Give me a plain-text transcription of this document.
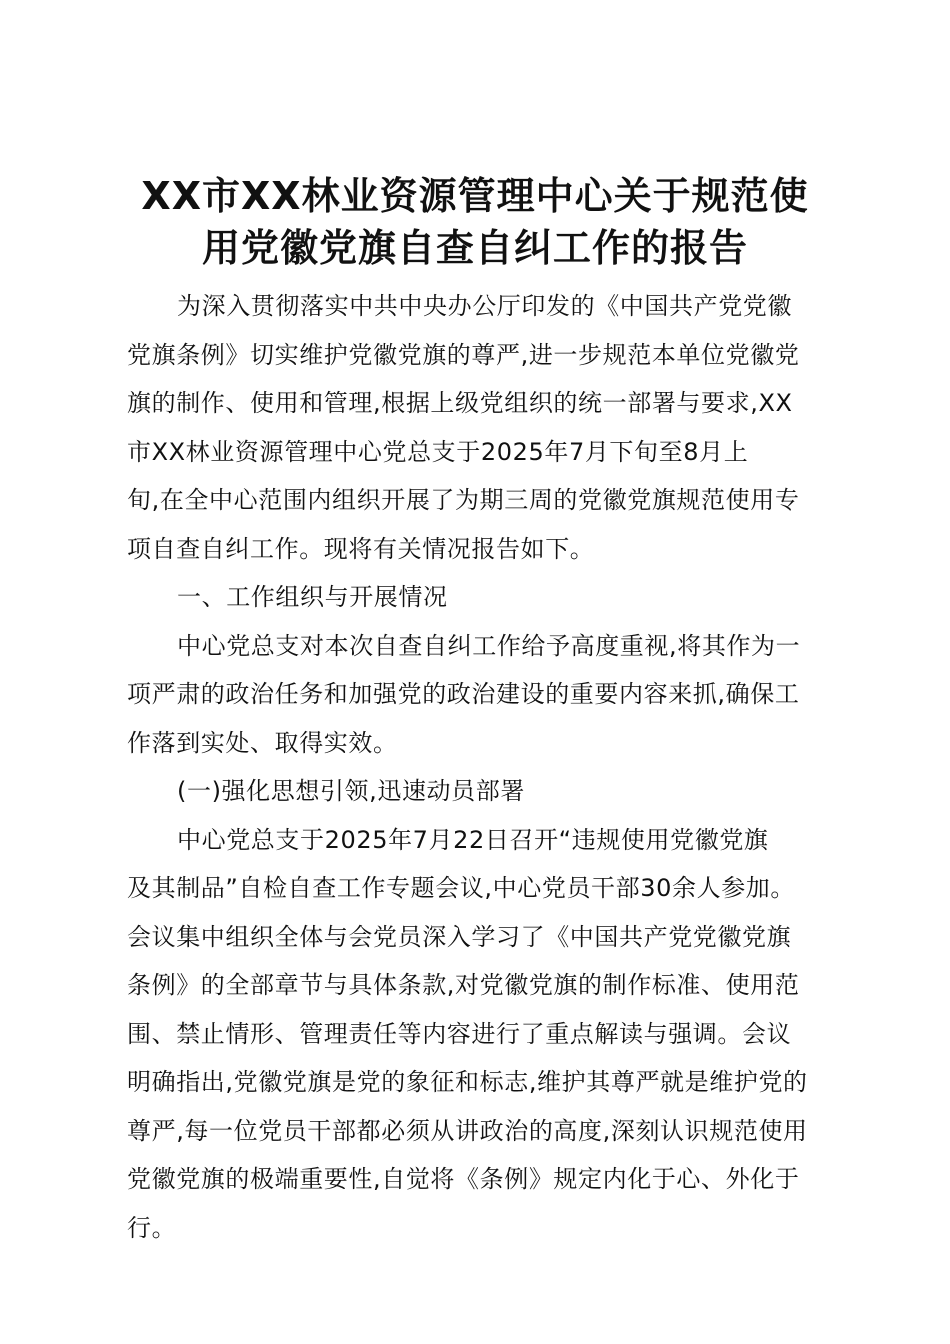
XX市XX林业资源管理中心关于规范使
用党徽党旗自查自纠工作的报告
为深入贯彻落实中共中央办公厅印发的《中国共产党党徽
党旗条例》切实维护党徽党旗的尊严,进一步规范本单位党徽党
旗的制作、使用和管理,根据上级党组织的统一部署与要求,XX
市XX林业资源管理中心党总支于2025年7月下旬至8月上
旬,在全中心范围内组织开展了为期三周的党徽党旗规范使用专
项自查自纠工作。现将有关情况报告如下。
一、工作组织与开展情况
中心党总支对本次自查自纠工作给予高度重视,将其作为一
项严肃的政治任务和加强党的政治建设的重要内容来抓,确保工
作落到实处、取得实效。
(一)强化思想引领,迅速动员部署
中心党总支于2025年7月22日召开“违规使用党徽党旗
及其制品”自检自查工作专题会议,中心党员干部30余人参加。
会议集中组织全体与会党员深入学习了《中国共产党党徽党旗
条例》的全部章节与具体条款,对党徽党旗的制作标准、使用范
围、禁止情形、管理责任等内容进行了重点解读与强调。会议
明确指出,党徽党旗是党的象征和标志,维护其尊严就是维护党的
尊严,每一位党员干部都必须从讲政治的高度,深刻认识规范使用
党徽党旗的极端重要性,自觉将《条例》规定内化于心、外化于
行。
